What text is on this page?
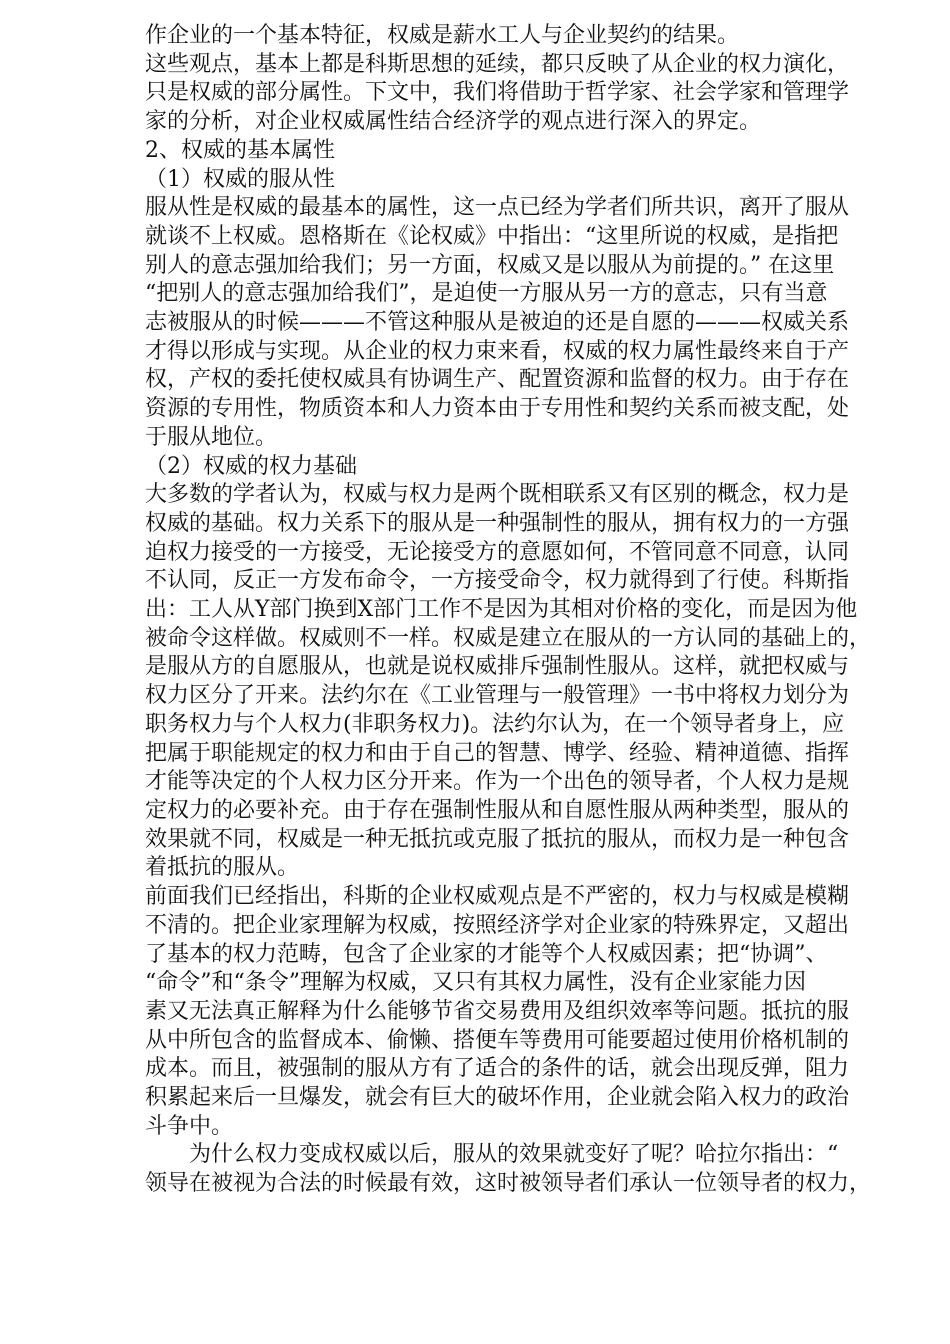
作企业的一个基本特征，权威是薪水工人与企业契约的结果。

这些观点，基本上都是科斯思想的延续，都只反映了从企业的权力演化，
只是权威的部分属性。下文中，我们将借助于哲学家、社会学家和管理学
家的分析，对企业权威属性结合经济学的观点进行深入的界定。

2、权威的基本属性

（1）权威的服从性

服从性是权威的最基本的属性，这一点已经为学者们所共识，离开了服从
就谈不上权威。恩格斯在《论权威》中指出：“这里所说的权威，是指把
别人的意志强加给我们；另一方面，权威又是以服从为前提的。” 在这里
“把别人的意志强加给我们”，是迫使一方服从另一方的意志，只有当意
志被服从的时候———不管这种服从是被迫的还是自愿的———权威关系
才得以形成与实现。从企业的权力束来看，权威的权力属性最终来自于产
权，产权的委托使权威具有协调生产、配置资源和监督的权力。由于存在
资源的专用性，物质资本和人力资本由于专用性和契约关系而被支配，处
于服从地位。

（2）权威的权力基础

大多数的学者认为，权威与权力是两个既相联系又有区别的概念，权力是
权威的基础。权力关系下的服从是一种强制性的服从，拥有权力的一方强
迫权力接受的一方接受，无论接受方的意愿如何，不管同意不同意，认同
不认同，反正一方发布命令，一方接受命令，权力就得到了行使。科斯指
出：工人从Y部门换到X部门工作不是因为其相对价格的变化，而是因为他
被命令这样做。权威则不一样。权威是建立在服从的一方认同的基础上的，
是服从方的自愿服从，也就是说权威排斥强制性服从。这样，就把权威与
权力区分了开来。法约尔在《工业管理与一般管理》一书中将权力划分为
职务权力与个人权力(非职务权力)。法约尔认为，在一个领导者身上，应
把属于职能规定的权力和由于自己的智慧、博学、经验、精神道德、指挥
才能等决定的个人权力区分开来。作为一个出色的领导者，个人权力是规
定权力的必要补充。由于存在强制性服从和自愿性服从两种类型，服从的
效果就不同，权威是一种无抵抗或克服了抵抗的服从，而权力是一种包含
着抵抗的服从。

前面我们已经指出，科斯的企业权威观点是不严密的，权力与权威是模糊
不清的。把企业家理解为权威，按照经济学对企业家的特殊界定，又超出
了基本的权力范畴，包含了企业家的才能等个人权威因素；把“协调”、
“命令”和“条令”理解为权威，又只有其权力属性，没有企业家能力因
素又无法真正解释为什么能够节省交易费用及组织效率等问题。抵抗的服
从中所包含的监督成本、偷懒、搭便车等费用可能要超过使用价格机制的
成本。而且，被强制的服从方有了适合的条件的话，就会出现反弹，阻力
积累起来后一旦爆发，就会有巨大的破坏作用，企业就会陷入权力的政治
斗争中。

为什么权力变成权威以后，服从的效果就变好了呢？哈拉尔指出：“
领导在被视为合法的时候最有效，这时被领导者们承认一位领导者的权力，
